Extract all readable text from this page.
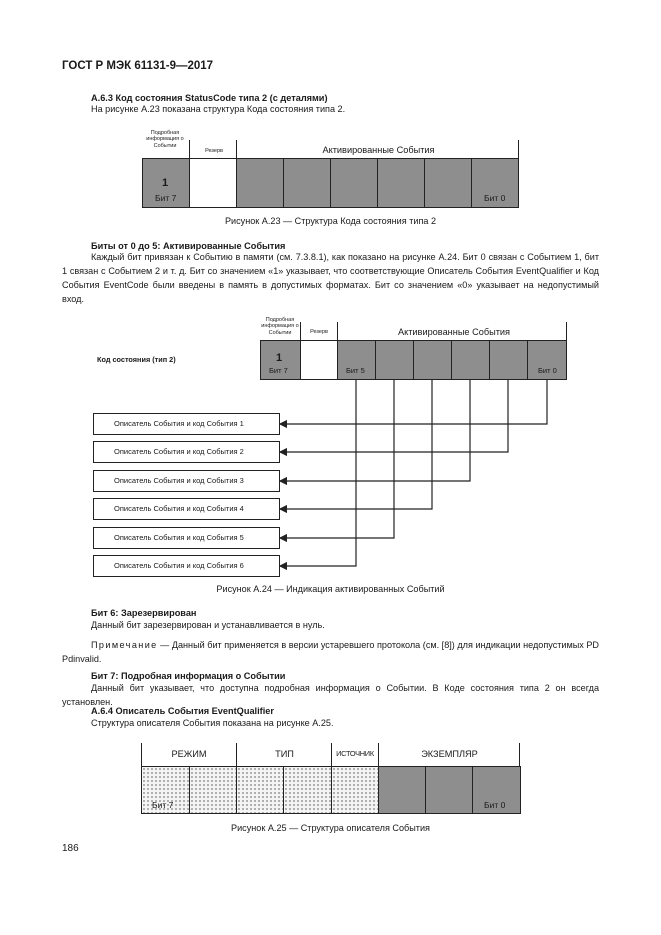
ГОСТ Р МЭК 61131-9—2017
А.6.3 Код состояния StatusCode типа 2 (с деталями)
На рисунке А.23 показана структура Кода состояния типа 2.
Подробная информация о Событии
Резерв	Активированные События
1
Бит 7	Бит 0
Рисунок А.23 — Структура Кода состояния типа 2
Биты от 0 до 5: Активированные События
Каждый бит привязан к Событию в памяти (см. 7.3.8.1), как показано на рисунке А.24. Бит 0 связан с Событием 1, бит 1 связан с Событием 2 и т. д. Бит со значением «1» указывает, что соответствующие Описатель События EventQualifier и Код События EventCode были введены в память в допустимых форматах. Бит со значением «0» указывает на недопустимый вход.
Подробная информация о Событии	Резерв	Активированные События
Код состояния (тип 2)	1
Бит 7	Бит 5	Бит 0
Описатель События и код События 1
Описатель События и код События 2
Описатель События и код События 3
Описатель События и код События 4
Описатель События и код События 5
Описатель События и код События 6
Рисунок А.24 — Индикация активированных Событий
Бит 6: Зарезервирован
Данный бит зарезервирован и устанавливается в нуль.
Примечание — Данный бит применяется в версии устаревшего протокола (см. [8]) для индикации недопустимых PD Pdinvalid.
Бит 7: Подробная информация о Событии
Данный бит указывает, что доступна подробная информация о Событии. В Коде состояния типа 2 он всегда установлен.
А.6.4 Описатель События EventQualifier
Структура описателя События показана на рисунке А.25.
РЕЖИМ	ТИП	ИСТОЧНИК	ЭКЗЕМПЛЯР
Бит 7	Бит 0
Рисунок А.25 — Структура описателя События
186
